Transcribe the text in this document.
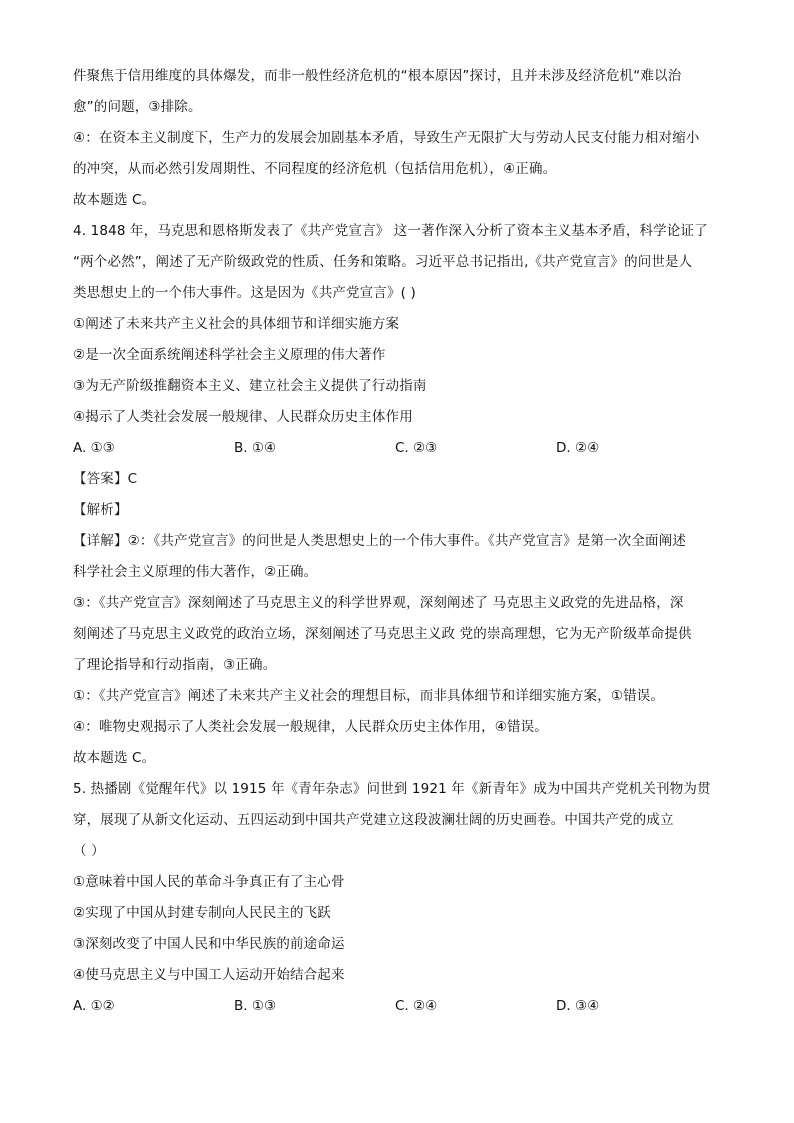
件聚焦于信用维度的具体爆发，而非一般性经济危机的“根本原因”探讨，且并未涉及经济危机“难以治
愈”的问题，③排除。
④：在资本主义制度下，生产力的发展会加剧基本矛盾，导致生产无限扩大与劳动人民支付能力相对缩小
的冲突，从而必然引发周期性、不同程度的经济危机（包括信用危机），④正确。
故本题选 C。
4. 1848 年，马克思和恩格斯发表了《共产党宣言》 这一著作深入分析了资本主义基本矛盾，科学论证了
“两个必然”，阐述了无产阶级政党的性质、任务和策略。习近平总书记指出,《共产党宣言》的问世是人
类思想史上的一个伟大事件。这是因为《共产党宣言》( )
①阐述了未来共产主义社会的具体细节和详细实施方案
②是一次全面系统阐述科学社会主义原理的伟大著作
③为无产阶级推翻资本主义、建立社会主义提供了行动指南
④揭示了人类社会发展一般规律、人民群众历史主体作用
A. ①③	B. ①④	C. ②③	D. ②④
【答案】C
【解析】
【详解】②：《共产党宣言》的问世是人类思想史上的一个伟大事件。《共产党宣言》是第一次全面阐述
科学社会主义原理的伟大著作，②正确。
③：《共产党宣言》深刻阐述了马克思主义的科学世界观，深刻阐述了 马克思主义政党的先进品格，深
刻阐述了马克思主义政党的政治立场，深刻阐述了马克思主义政 党的崇高理想，它为无产阶级革命提供
了理论指导和行动指南，③正确。
①：《共产党宣言》阐述了未来共产主义社会的理想目标，而非具体细节和详细实施方案，①错误。
④：唯物史观揭示了人类社会发展一般规律，人民群众历史主体作用，④错误。
故本题选 C。
5. 热播剧《觉醒年代》以 1915 年《青年杂志》问世到 1921 年《新青年》成为中国共产党机关刊物为贯
穿，展现了从新文化运动、五四运动到中国共产党建立这段波澜壮阔的历史画卷。中国共产党的成立
（ ）
①意味着中国人民的革命斗争真正有了主心骨
②实现了中国从封建专制向人民民主的飞跃
③深刻改变了中国人民和中华民族的前途命运
④使马克思主义与中国工人运动开始结合起来
A. ①②	B. ①③	C. ②④	D. ③④
